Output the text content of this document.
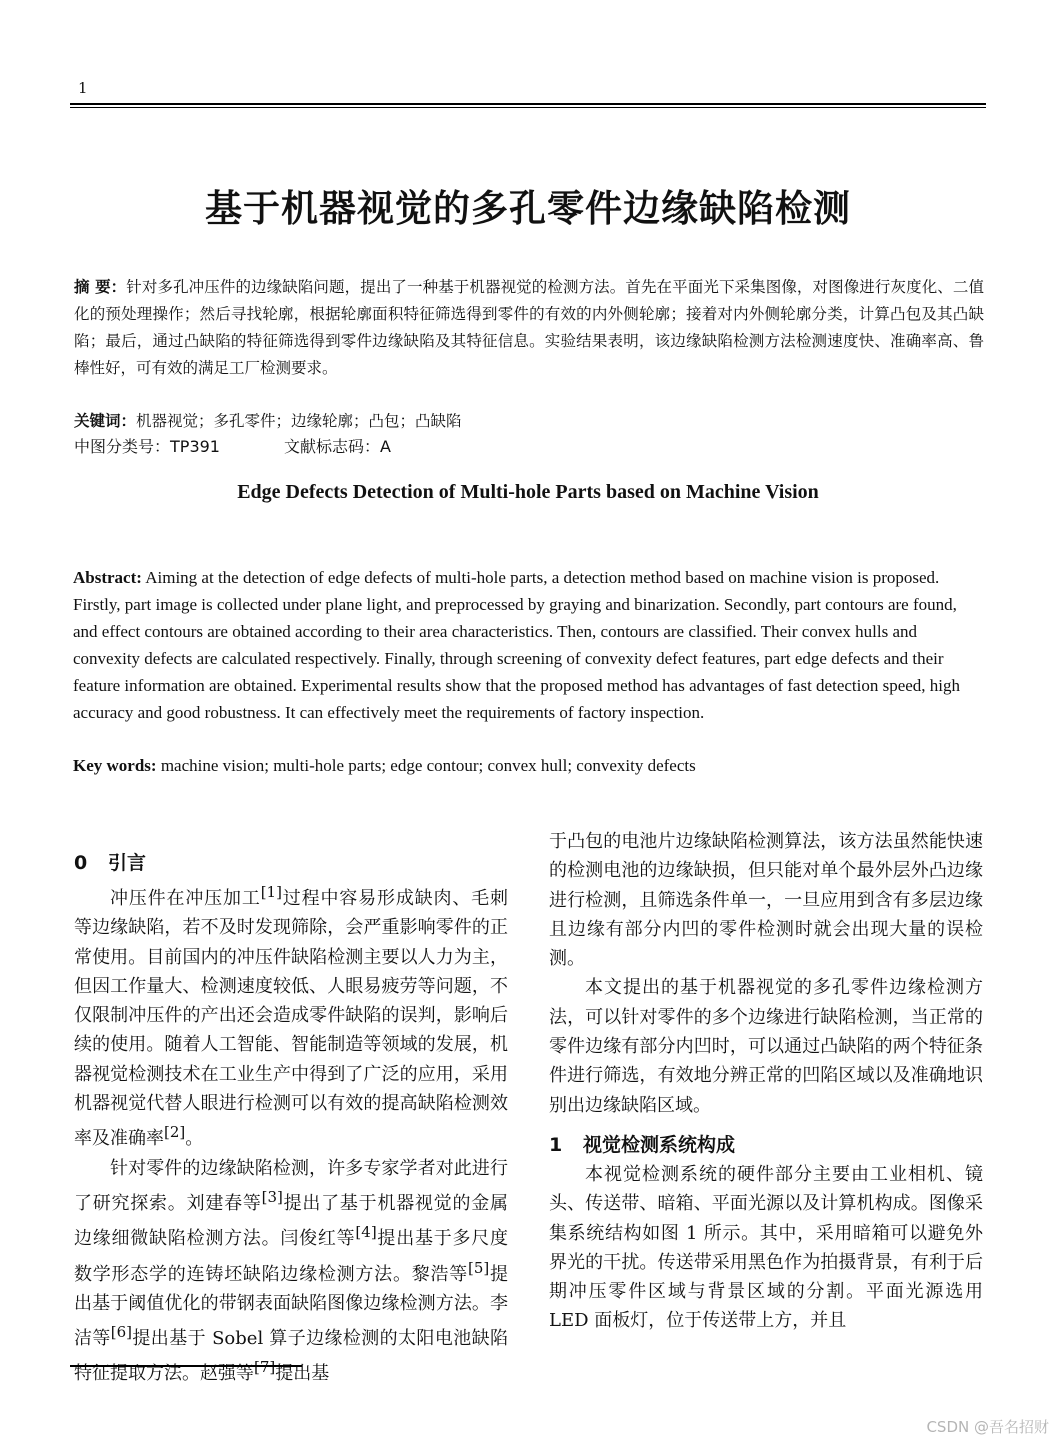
1
基于机器视觉的多孔零件边缘缺陷检测
摘 要：针对多孔冲压件的边缘缺陷问题，提出了一种基于机器视觉的检测方法。首先在平面光下采集图像，对图像进行灰度化、二值化的预处理操作；然后寻找轮廓，根据轮廓面积特征筛选得到零件的有效的内外侧轮廓；接着对内外侧轮廓分类，计算凸包及其凸缺陷；最后，通过凸缺陷的特征筛选得到零件边缘缺陷及其特征信息。实验结果表明，该边缘缺陷检测方法检测速度快、准确率高、鲁棒性好，可有效的满足工厂检测要求。
关键词：机器视觉；多孔零件；边缘轮廓；凸包；凸缺陷
中图分类号：TP391	文献标志码：A
Edge Defects Detection of Multi-hole Parts based on Machine Vision
Abstract: Aiming at the detection of edge defects of multi-hole parts, a detection method based on machine vision is proposed. Firstly, part image is collected under plane light, and preprocessed by graying and binarization. Secondly, part contours are found, and effect contours are obtained according to their area characteristics. Then, contours are classified. Their convex hulls and convexity defects are calculated respectively. Finally, through screening of convexity defect features, part edge defects and their feature information are obtained. Experimental results show that the proposed method has advantages of fast detection speed, high accuracy and good robustness. It can effectively meet the requirements of factory inspection.
Key words: machine vision; multi-hole parts; edge contour; convex hull; convexity defects
0 引言

冲压件在冲压加工[1]过程中容易形成缺肉、毛刺等边缘缺陷，若不及时发现筛除，会严重影响零件的正常使用。目前国内的冲压件缺陷检测主要以人力为主，但因工作量大、检测速度较低、人眼易疲劳等问题，不仅限制冲压件的产出还会造成零件缺陷的误判，影响后续的使用。随着人工智能、智能制造等领域的发展，机器视觉检测技术在工业生产中得到了广泛的应用，采用机器视觉代替人眼进行检测可以有效的提高缺陷检测效率及准确率[2]。

针对零件的边缘缺陷检测，许多专家学者对此进行了研究探索。刘建春等[3]提出了基于机器视觉的金属边缘细微缺陷检测方法。闫俊红等[4]提出基于多尺度数学形态学的连铸坯缺陷边缘检测方法。黎浩等[5]提出基于阈值优化的带钢表面缺陷图像边缘检测方法。李洁等[6]提出基于 Sobel 算子边缘检测的太阳电池缺陷特征提取方法。赵强等[7]提出基

于凸包的电池片边缘缺陷检测算法，该方法虽然能快速的检测电池的边缘缺损，但只能对单个最外层外凸边缘进行检测，且筛选条件单一，一旦应用到含有多层边缘且边缘有部分内凹的零件检测时就会出现大量的误检测。

本文提出的基于机器视觉的多孔零件边缘检测方法，可以针对零件的多个边缘进行缺陷检测，当正常的零件边缘有部分内凹时，可以通过凸缺陷的两个特征条件进行筛选，有效地分辨正常的凹陷区域以及准确地识别出边缘缺陷区域。

1 视觉检测系统构成

本视觉检测系统的硬件部分主要由工业相机、镜头、传送带、暗箱、平面光源以及计算机构成。图像采集系统结构如图 1 所示。其中，采用暗箱可以避免外界光的干扰。传送带采用黑色作为拍摄背景，有利于后期冲压零件区域与背景区域的分割。平面光源选用 LED 面板灯，位于传送带上方，并且

CSDN @吾名招财
